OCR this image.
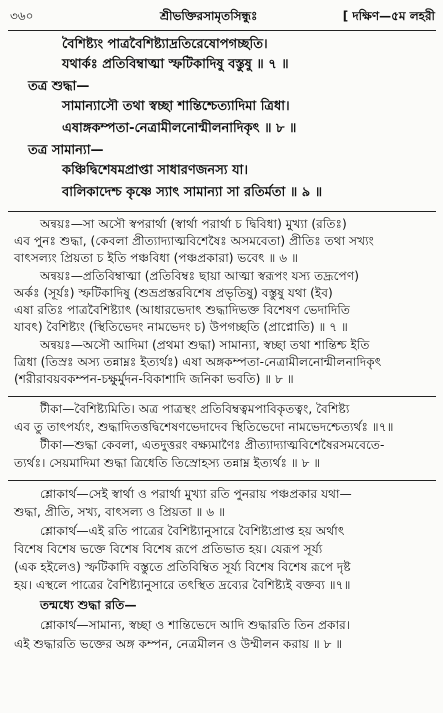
৩৬০	শ্রীভক্তিরসামৃতসিন্ধুঃ	[ দক্ষিণ—৫ম লহরী
বৈশিষ্ট্যং পাত্রবৈশিষ্ট্যাদ্রতিরেষোপগচ্ছতি।
যথার্কঃ প্রতিবিম্বাত্মা স্ফটিকাদিষু বস্তুষু ॥ ৭ ॥
তত্র শুদ্ধা—
সামান্যাসৌ তথা স্বচ্ছা শান্তিশ্চেত্যাদিমা ত্রিধা।
এষাঙ্গকম্পতা-নেত্রামীলনোন্মীলনাদিকৃৎ ॥ ৮ ॥
তত্র সামান্যা—
কঞ্চিদ্বিশেষমপ্রাপ্তা সাধারণজনস্য যা।
বালিকাদেশ্চ কৃষ্ণে স্যাৎ সামান্যা সা রতির্মতা ॥ ৯ ॥
অন্বয়ঃ—সা অসৌ স্বপরার্থা (স্বার্থা পরার্থা চ দ্বিবিধা) মুখ্যা (রতিঃ)
এব পুনঃ শুদ্ধা, (কেবলা প্রীত্যাদ্যাত্মবিশেষৈঃ অসমবেতা) প্রীতিঃ তথা সখ্যং
বাৎসল্যং প্রিয়তা চ ইতি পঞ্চবিধা (পঞ্চপ্রকারা) ভবেৎ ॥ ৬ ॥
অন্বয়ঃ—প্রতিবিম্বাত্মা (প্রতিবিম্বঃ ছায়া আত্মা স্বরূপং যস্য তদ্রূপেণ)
অর্কঃ (সূর্যঃ) স্ফটিকাদিষু (শুভ্রপ্রস্তরবিশেষ প্রভৃতিষু) বস্তুষু যথা (ইব)
এষা রতিঃ পাত্রবৈশিষ্ট্যাৎ (আধারভেদাৎ শুদ্ধাদিভক্ত বিশেষণ ভেদাদিতি
যাবৎ) বৈশিষ্ট্যং (স্থিতিভেদং নামভেদং চ) উপগচ্ছতি (প্রাপ্নোতি) ॥ ৭ ॥
অন্বয়ঃ—অসৌ আদিমা (প্রথমা শুদ্ধা) সামান্যা, স্বচ্ছা তথা শান্তিশ্চ ইতি
ত্রিধা (তিস্রঃ অস্য তন্নাম্নঃ ইত্যর্থঃ) এষা অঙ্গকম্পতা-নেত্রামীলনোন্মীলনাদিকৃৎ
(শরীরাবয়বকম্পন-চক্ষুর্মুদন-বিকাশাদি জনিকা ভবতি) ॥ ৮ ॥
টীকা—বৈশিষ্ট্যমিতি। অত্র পাত্রস্থং প্রতিবিম্বত্বমপাবিকৃতত্বং, বৈশিষ্ট্য
এব তু তাৎপর্য্যং, শুদ্ধাদিতত্তদ্বিশেষণভেদাদেব স্থিতিভেদো নামভেদশ্চেত্যর্থঃ ॥৭॥
টীকা—শুদ্ধা কেবলা, এতদুত্তরং বক্ষ্যমাণৈঃ প্রীত্যাদ্যাত্মবিশেষৈরসমবেতে-
ত্যর্থঃ। সেয়মাদিমা শুদ্ধা ত্রিধেতি তিস্রোহস্য তন্নাম্ন ইত্যর্থঃ ॥ ৮ ॥
শ্লোকার্থ—সেই স্বার্থা ও পরার্থা মুখ্যা রতি পুনরায় পঞ্চপ্রকার যথা—
শুদ্ধা, প্রীতি, সখ্য, বাৎসল্য ও প্রিয়তা ॥ ৬ ॥
শ্লোকার্থ—এই রতি পাত্রের বৈশিষ্ট্যানুসারে বৈশিষ্ট্যপ্রাপ্ত হয় অর্থাৎ
বিশেষ বিশেষ ভক্তে বিশেষ বিশেষ রূপে প্রতিভাত হয়। যেরূপ সূর্য্য
(এক হইলেও) স্ফটিকাদি বস্তুতে প্রতিবিম্বিত সূর্য্য বিশেষ বিশেষ রূপে দৃষ্ট
হয়। এস্থলে পাত্রের বৈশিষ্ট্যানুসারে তৎস্থিত দ্রব্যের বৈশিষ্ট্যই বক্তব্য ॥৭॥
তন্মধ্যে শুদ্ধা রতি—
শ্লোকার্থ—সামান্য, স্বচ্ছা ও শান্তিভেদে আদি শুদ্ধারতি তিন প্রকার।
এই শুদ্ধারতি ভক্তের অঙ্গ কম্পন, নেত্রমীলন ও উম্মীলন করায় ॥ ৮ ॥
